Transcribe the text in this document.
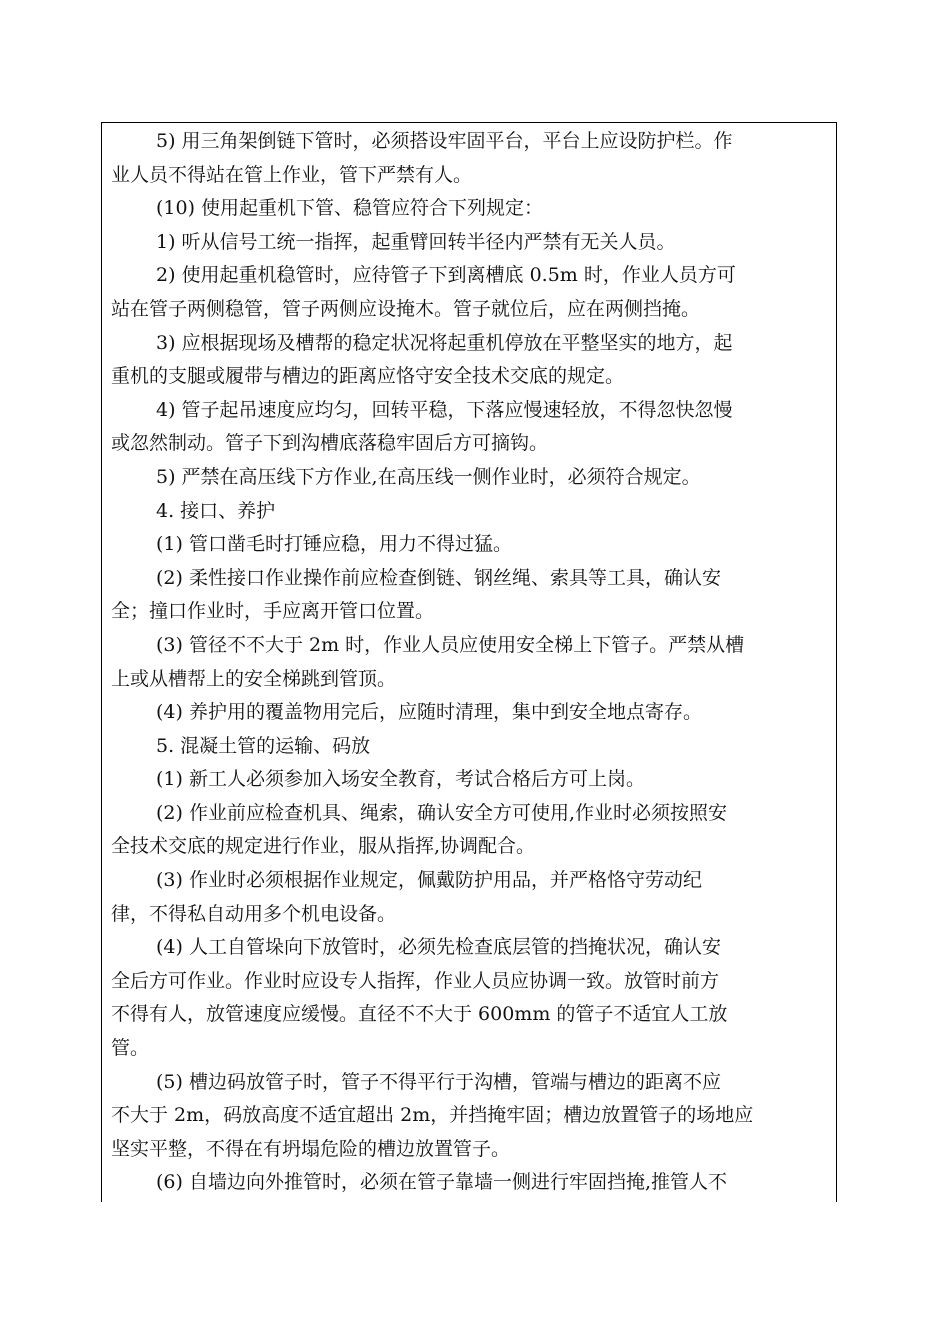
5) 用三角架倒链下管时，必须搭设牢固平台，平台上应设防护栏。作
业人员不得站在管上作业，管下严禁有人。

(10) 使用起重机下管、稳管应符合下列规定：

1) 听从信号工统一指挥，起重臂回转半径内严禁有无关人员。

2) 使用起重机稳管时，应待管子下到离槽底 0.5m 时，作业人员方可
站在管子两侧稳管，管子两侧应设掩木。管子就位后，应在两侧挡掩。

3) 应根据现场及槽帮的稳定状况将起重机停放在平整坚实的地方，起
重机的支腿或履带与槽边的距离应恪守安全技术交底的规定。

4) 管子起吊速度应均匀，回转平稳，下落应慢速轻放，不得忽快忽慢
或忽然制动。管子下到沟槽底落稳牢固后方可摘钩。

5) 严禁在高压线下方作业,在高压线一侧作业时，必须符合规定。

4. 接口、养护

(1) 管口凿毛时打锤应稳，用力不得过猛。

(2) 柔性接口作业操作前应检查倒链、钢丝绳、索具等工具，确认安
全；撞口作业时，手应离开管口位置。

(3) 管径不不大于 2m 时，作业人员应使用安全梯上下管子。严禁从槽
上或从槽帮上的安全梯跳到管顶。

(4) 养护用的覆盖物用完后，应随时清理，集中到安全地点寄存。

5. 混凝土管的运输、码放

(1) 新工人必须参加入场安全教育，考试合格后方可上岗。

(2) 作业前应检查机具、绳索，确认安全方可使用,作业时必须按照安
全技术交底的规定进行作业，服从指挥,协调配合。

(3) 作业时必须根据作业规定，佩戴防护用品，并严格恪守劳动纪
律，不得私自动用多个机电设备。

(4) 人工自管垛向下放管时，必须先检查底层管的挡掩状况，确认安
全后方可作业。作业时应设专人指挥，作业人员应协调一致。放管时前方
不得有人，放管速度应缓慢。直径不不大于 600mm 的管子不适宜人工放
管。

(5) 槽边码放管子时，管子不得平行于沟槽，管端与槽边的距离不应
不大于 2m，码放高度不适宜超出 2m，并挡掩牢固；槽边放置管子的场地应
坚实平整，不得在有坍塌危险的槽边放置管子。

(6) 自墙边向外推管时，必须在管子靠墙一侧进行牢固挡掩,推管人不
